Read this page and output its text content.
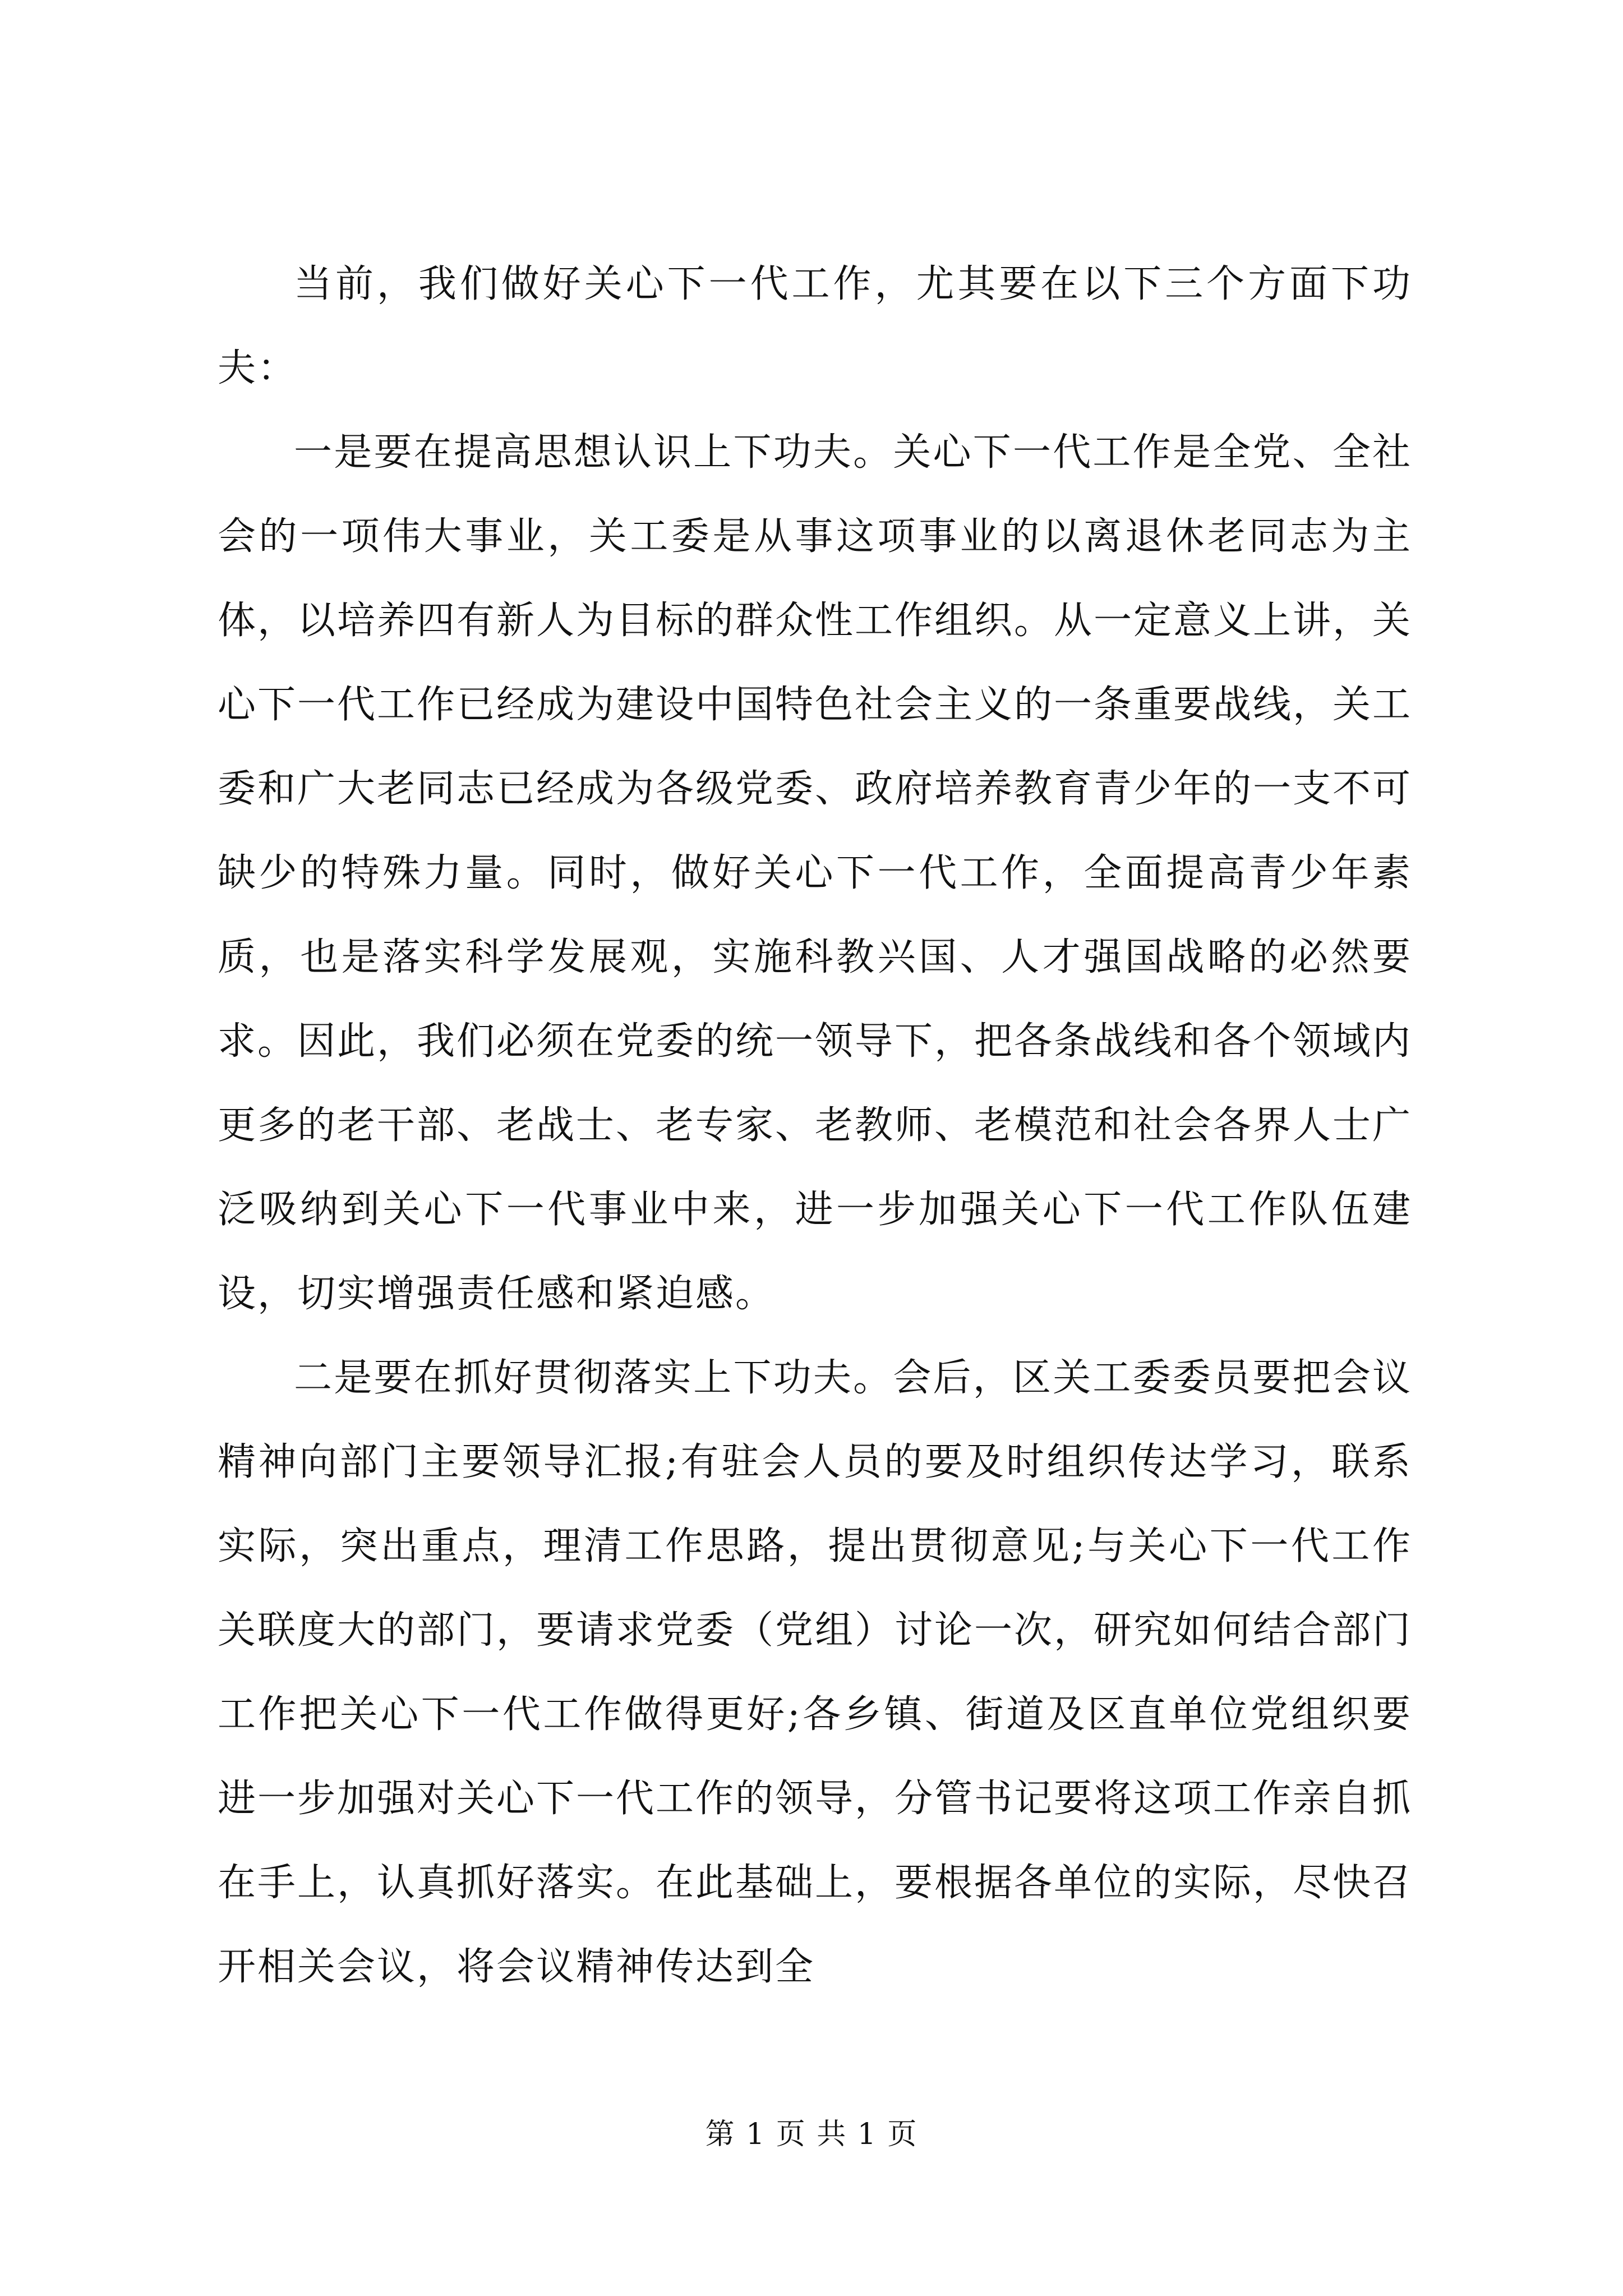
当前，我们做好关心下一代工作，尤其要在以下三个方面下功夫：

一是要在提高思想认识上下功夫。关心下一代工作是全党、全社会的一项伟大事业，关工委是从事这项事业的以离退休老同志为主体，以培养四有新人为目标的群众性工作组织。从一定意义上讲，关心下一代工作已经成为建设中国特色社会主义的一条重要战线，关工委和广大老同志已经成为各级党委、政府培养教育青少年的一支不可缺少的特殊力量。同时，做好关心下一代工作，全面提高青少年素质，也是落实科学发展观，实施科教兴国、人才强国战略的必然要求。因此，我们必须在党委的统一领导下，把各条战线和各个领域内更多的老干部、老战士、老专家、老教师、老模范和社会各界人士广泛吸纳到关心下一代事业中来，进一步加强关心下一代工作队伍建设，切实增强责任感和紧迫感。

二是要在抓好贯彻落实上下功夫。会后，区关工委委员要把会议精神向部门主要领导汇报;有驻会人员的要及时组织传达学习，联系实际，突出重点，理清工作思路，提出贯彻意见;与关心下一代工作关联度大的部门，要请求党委（党组）讨论一次，研究如何结合部门工作把关心下一代工作做得更好;各乡镇、街道及区直单位党组织要进一步加强对关心下一代工作的领导，分管书记要将这项工作亲自抓在手上，认真抓好落实。在此基础上，要根据各单位的实际，尽快召开相关会议，将会议精神传达到全

第 1 页 共 1 页
